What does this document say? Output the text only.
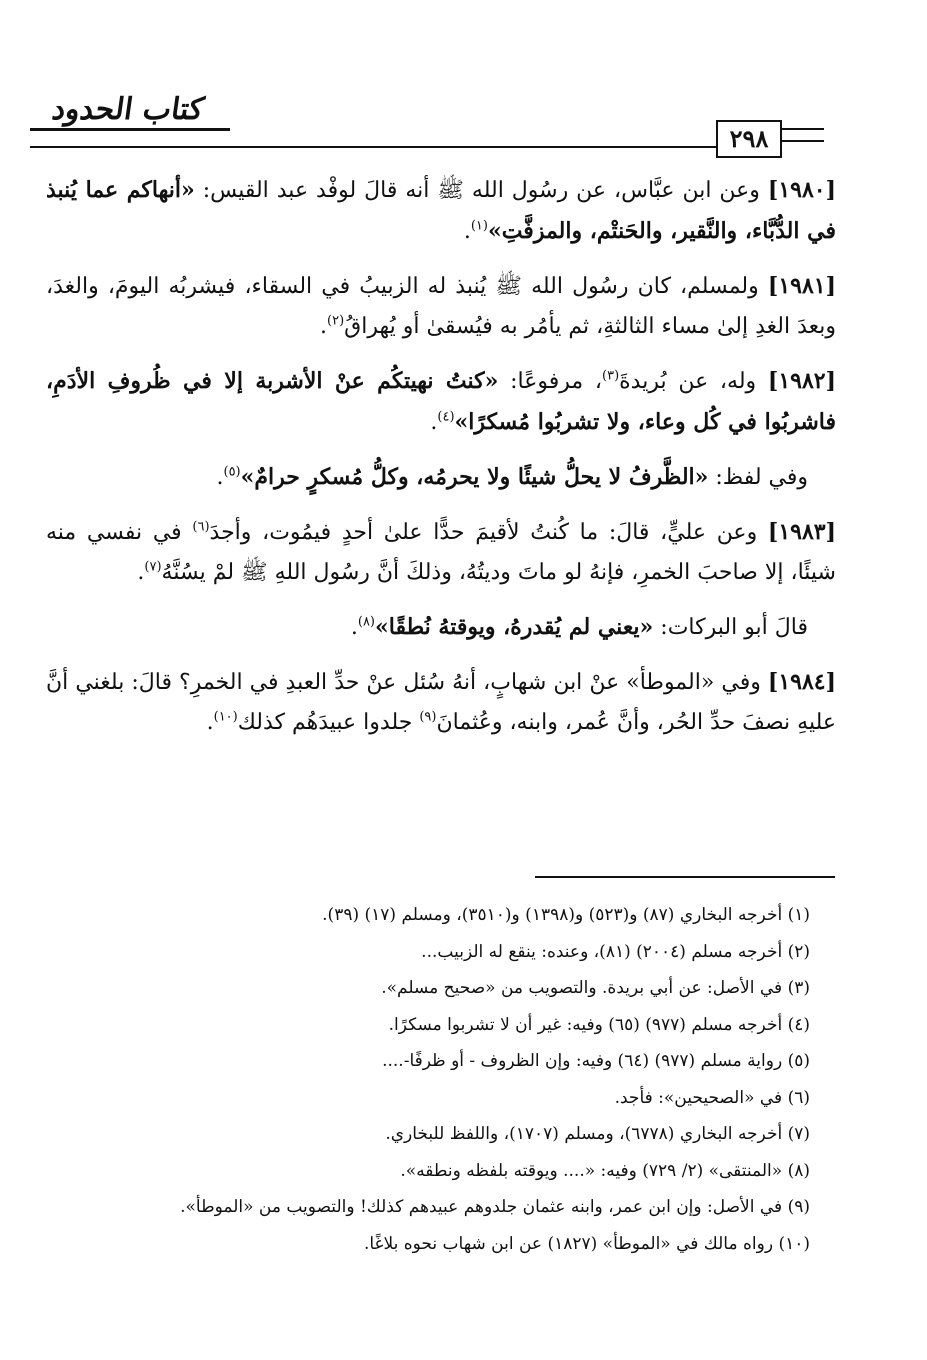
كتاب الحدود
٢٩٨

[١٩٨٠] وعن ابن عبَّاس، عن رسُول الله ﷺ أنه قالَ لوفْد عبد القيس: «أنهاكم عما يُنبذ في الدُّبَّاء، والنَّقير، والحَنتْم، والمزفَّتِ»$^{(١)}$.

[١٩٨١] ولمسلم، كان رسُول الله ﷺ يُنبذ له الزبيبُ في السقاء، فيشربُه اليومَ، والغدَ، وبعدَ الغدِ إلىٰ مساء الثالثةِ، ثم يأمُر به فيُسقىٰ أو يُهراقُ$^{(٢)}$.

[١٩٨٢] وله، عن بُريدةَ$^{(٣)}$، مرفوعًا: «كنتُ نهيتكُم عنْ الأشربة إلا في ظُروفِ الأدَمِ، فاشربُوا في كُل وعاء، ولا تشربُوا مُسكرًا»$^{(٤)}$.

وفي لفظ: «الظَّرفُ لا يحلُّ شيئًا ولا يحرمُه، وكلُّ مُسكرٍ حرامٌ»$^{(٥)}$.

[١٩٨٣] وعن عليٍّ، قالَ: ما كُنتُ لأقيمَ حدًّا علىٰ أحدٍ فيمُوت، وأجدَ$^{(٦)}$ في نفسي منه شيئًا، إلا صاحبَ الخمرِ، فإنهُ لو ماتَ وديتُهُ، وذلكَ أنَّ رسُول اللهِ ﷺ لمْ يسُنَّهُ$^{(٧)}$.

قالَ أبو البركات: «يعني لم يُقدرهُ، ويوقتهُ نُطقًا»$^{(٨)}$.

[١٩٨٤] وفي «الموطأ» عنْ ابن شهابٍ، أنهُ سُئل عنْ حدِّ العبدِ في الخمرِ؟ قالَ: بلغني أنَّ عليهِ نصفَ حدِّ الحُر، وأنَّ عُمر، وابنه، وعُثمانَ$^{(٩)}$ جلدوا عبيدَهُم كذلك$^{(١٠)}$.

(١) أخرجه البخاري (٨٧) و(٥٢٣) و(١٣٩٨) و(٣٥١٠)، ومسلم (١٧) (٣٩).
(٢) أخرجه مسلم (٢٠٠٤) (٨١)، وعنده: ينقع له الزبيب...
(٣) في الأصل: عن أبي بريدة. والتصويب من «صحيح مسلم».
(٤) أخرجه مسلم (٩٧٧) (٦٥) وفيه: غير أن لا تشربوا مسكرًا.
(٥) رواية مسلم (٩٧٧) (٦٤) وفيه: وإن الظروف - أو ظرفًا-....
(٦) في «الصحيحين»: فأجد.
(٧) أخرجه البخاري (٦٧٧٨)، ومسلم (١٧٠٧)، واللفظ للبخاري.
(٨) «المنتقى» (٢/ ٧٢٩) وفيه: «.... ويوقته بلفظه ونطقه».
(٩) في الأصل: وإن ابن عمر، وابنه عثمان جلدوهم عبيدهم كذلك! والتصويب من «الموطأ».
(١٠) رواه مالك في «الموطأ» (١٨٢٧) عن ابن شهاب نحوه بلاغًا.
